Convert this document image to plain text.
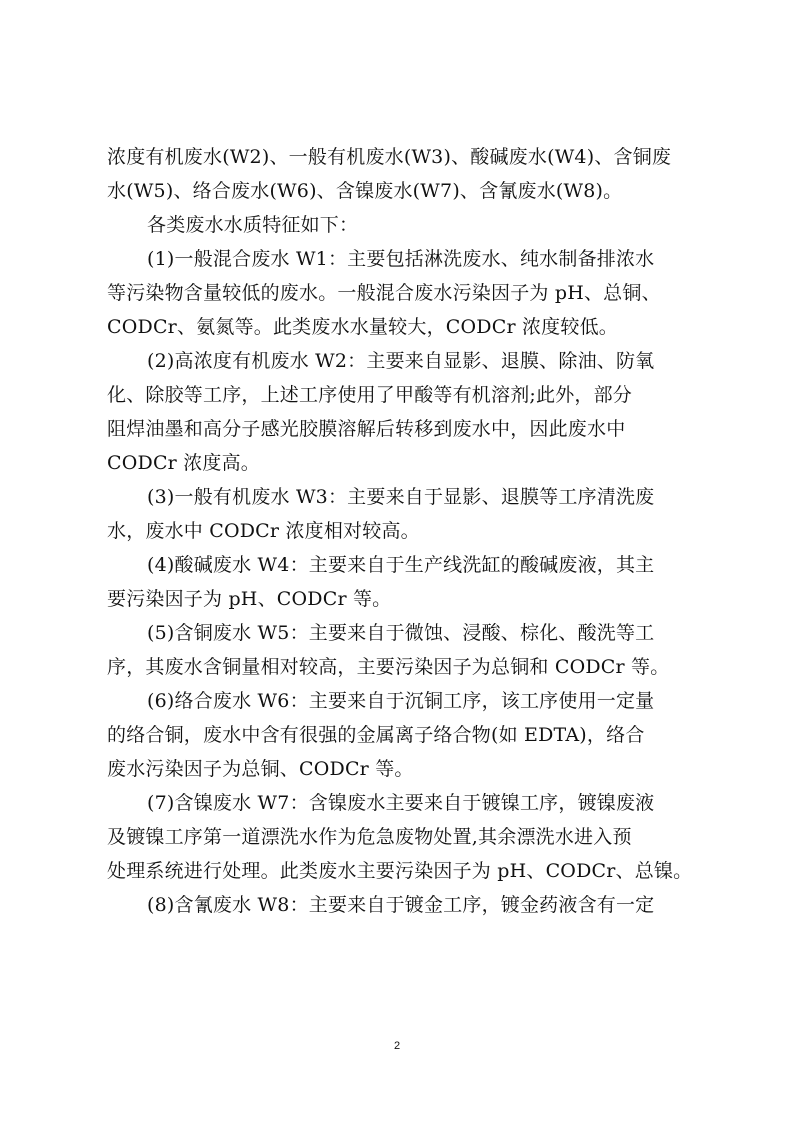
浓度有机废水(W2)、一般有机废水(W3)、酸碱废水(W4)、含铜废
水(W5)、络合废水(W6)、含镍废水(W7)、含氰废水(W8)。
各类废水水质特征如下：
(1)一般混合废水 W1：主要包括淋洗废水、纯水制备排浓水
等污染物含量较低的废水。一般混合废水污染因子为 pH、总铜、
CODCr、氨氮等。此类废水水量较大，CODCr 浓度较低。
(2)高浓度有机废水 W2：主要来自显影、退膜、除油、防氧
化、除胶等工序，上述工序使用了甲酸等有机溶剂;此外，部分
阻焊油墨和高分子感光胶膜溶解后转移到废水中，因此废水中
CODCr 浓度高。
(3)一般有机废水 W3：主要来自于显影、退膜等工序清洗废
水，废水中 CODCr 浓度相对较高。
(4)酸碱废水 W4：主要来自于生产线洗缸的酸碱废液，其主
要污染因子为 pH、CODCr 等。
(5)含铜废水 W5：主要来自于微蚀、浸酸、棕化、酸洗等工
序，其废水含铜量相对较高，主要污染因子为总铜和 CODCr 等。
(6)络合废水 W6：主要来自于沉铜工序，该工序使用一定量
的络合铜，废水中含有很强的金属离子络合物(如 EDTA)，络合
废水污染因子为总铜、CODCr 等。
(7)含镍废水 W7：含镍废水主要来自于镀镍工序，镀镍废液
及镀镍工序第一道漂洗水作为危急废物处置,其余漂洗水进入预
处理系统进行处理。此类废水主要污染因子为 pH、CODCr、总镍。
(8)含氰废水 W8：主要来自于镀金工序，镀金药液含有一定
2
